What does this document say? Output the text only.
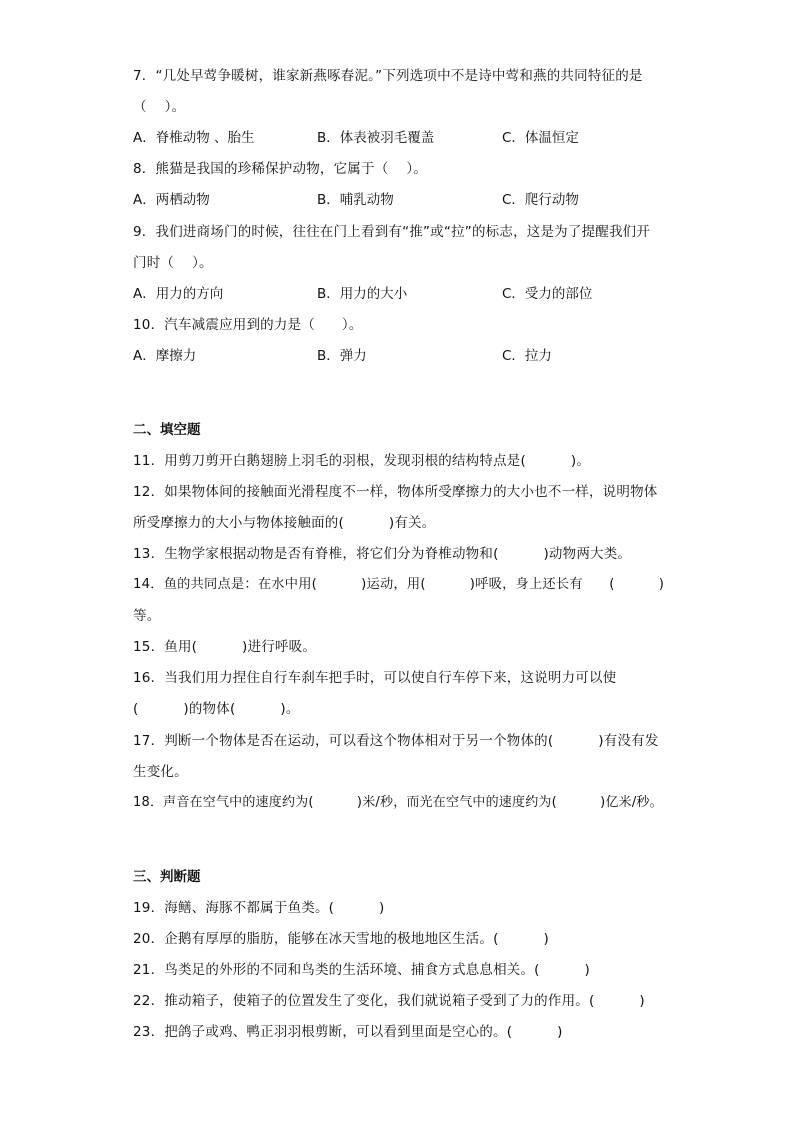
7．“几处早莺争暖树，谁家新燕啄春泥。”下列选项中不是诗中莺和燕的共同特征的是
（    ）。
A．脊椎动物 、胎生	B．体表被羽毛覆盖	C．体温恒定
8．熊猫是我国的珍稀保护动物，它属于（    ）。
A．两栖动物	B．哺乳动物	C．爬行动物
9．我们进商场门的时候，往往在门上看到有“推”或“拉”的标志，这是为了提醒我们开
门时（    ）。
A．用力的方向	B．用力的大小	C．受力的部位
10．汽车减震应用到的力是（      ）。
A．摩擦力	B．弹力	C．拉力
二、填空题
11．用剪刀剪开白鹅翅膀上羽毛的羽根，发现羽根的结构特点是(          )。
12．如果物体间的接触面光滑程度不一样，物体所受摩擦力的大小也不一样，说明物体
所受摩擦力的大小与物体接触面的(          )有关。
13．生物学家根据动物是否有脊椎，将它们分为脊椎动物和(          )动物两大类。
14．鱼的共同点是：在水中用(          )运动，用(          )呼吸，身上还长有      (          )
等。
15．鱼用(          )进行呼吸。
16．当我们用力捏住自行车刹车把手时，可以使自行车停下来，这说明力可以使
(          )的物体(          )。
17．判断一个物体是否在运动，可以看这个物体相对于另一个物体的(          )有没有发
生变化。
18．声音在空气中的速度约为(          )米/秒，而光在空气中的速度约为(          )亿米/秒。
三、判断题
19．海鳝、海豚不都属于鱼类。(          )
20．企鹅有厚厚的脂肪，能够在冰天雪地的极地地区生活。(          )
21．鸟类足的外形的不同和鸟类的生活环境、捕食方式息息相关。(          )
22．推动箱子，使箱子的位置发生了变化，我们就说箱子受到了力的作用。(          )
23．把鸽子或鸡、鸭正羽羽根剪断，可以看到里面是空心的。(          )
